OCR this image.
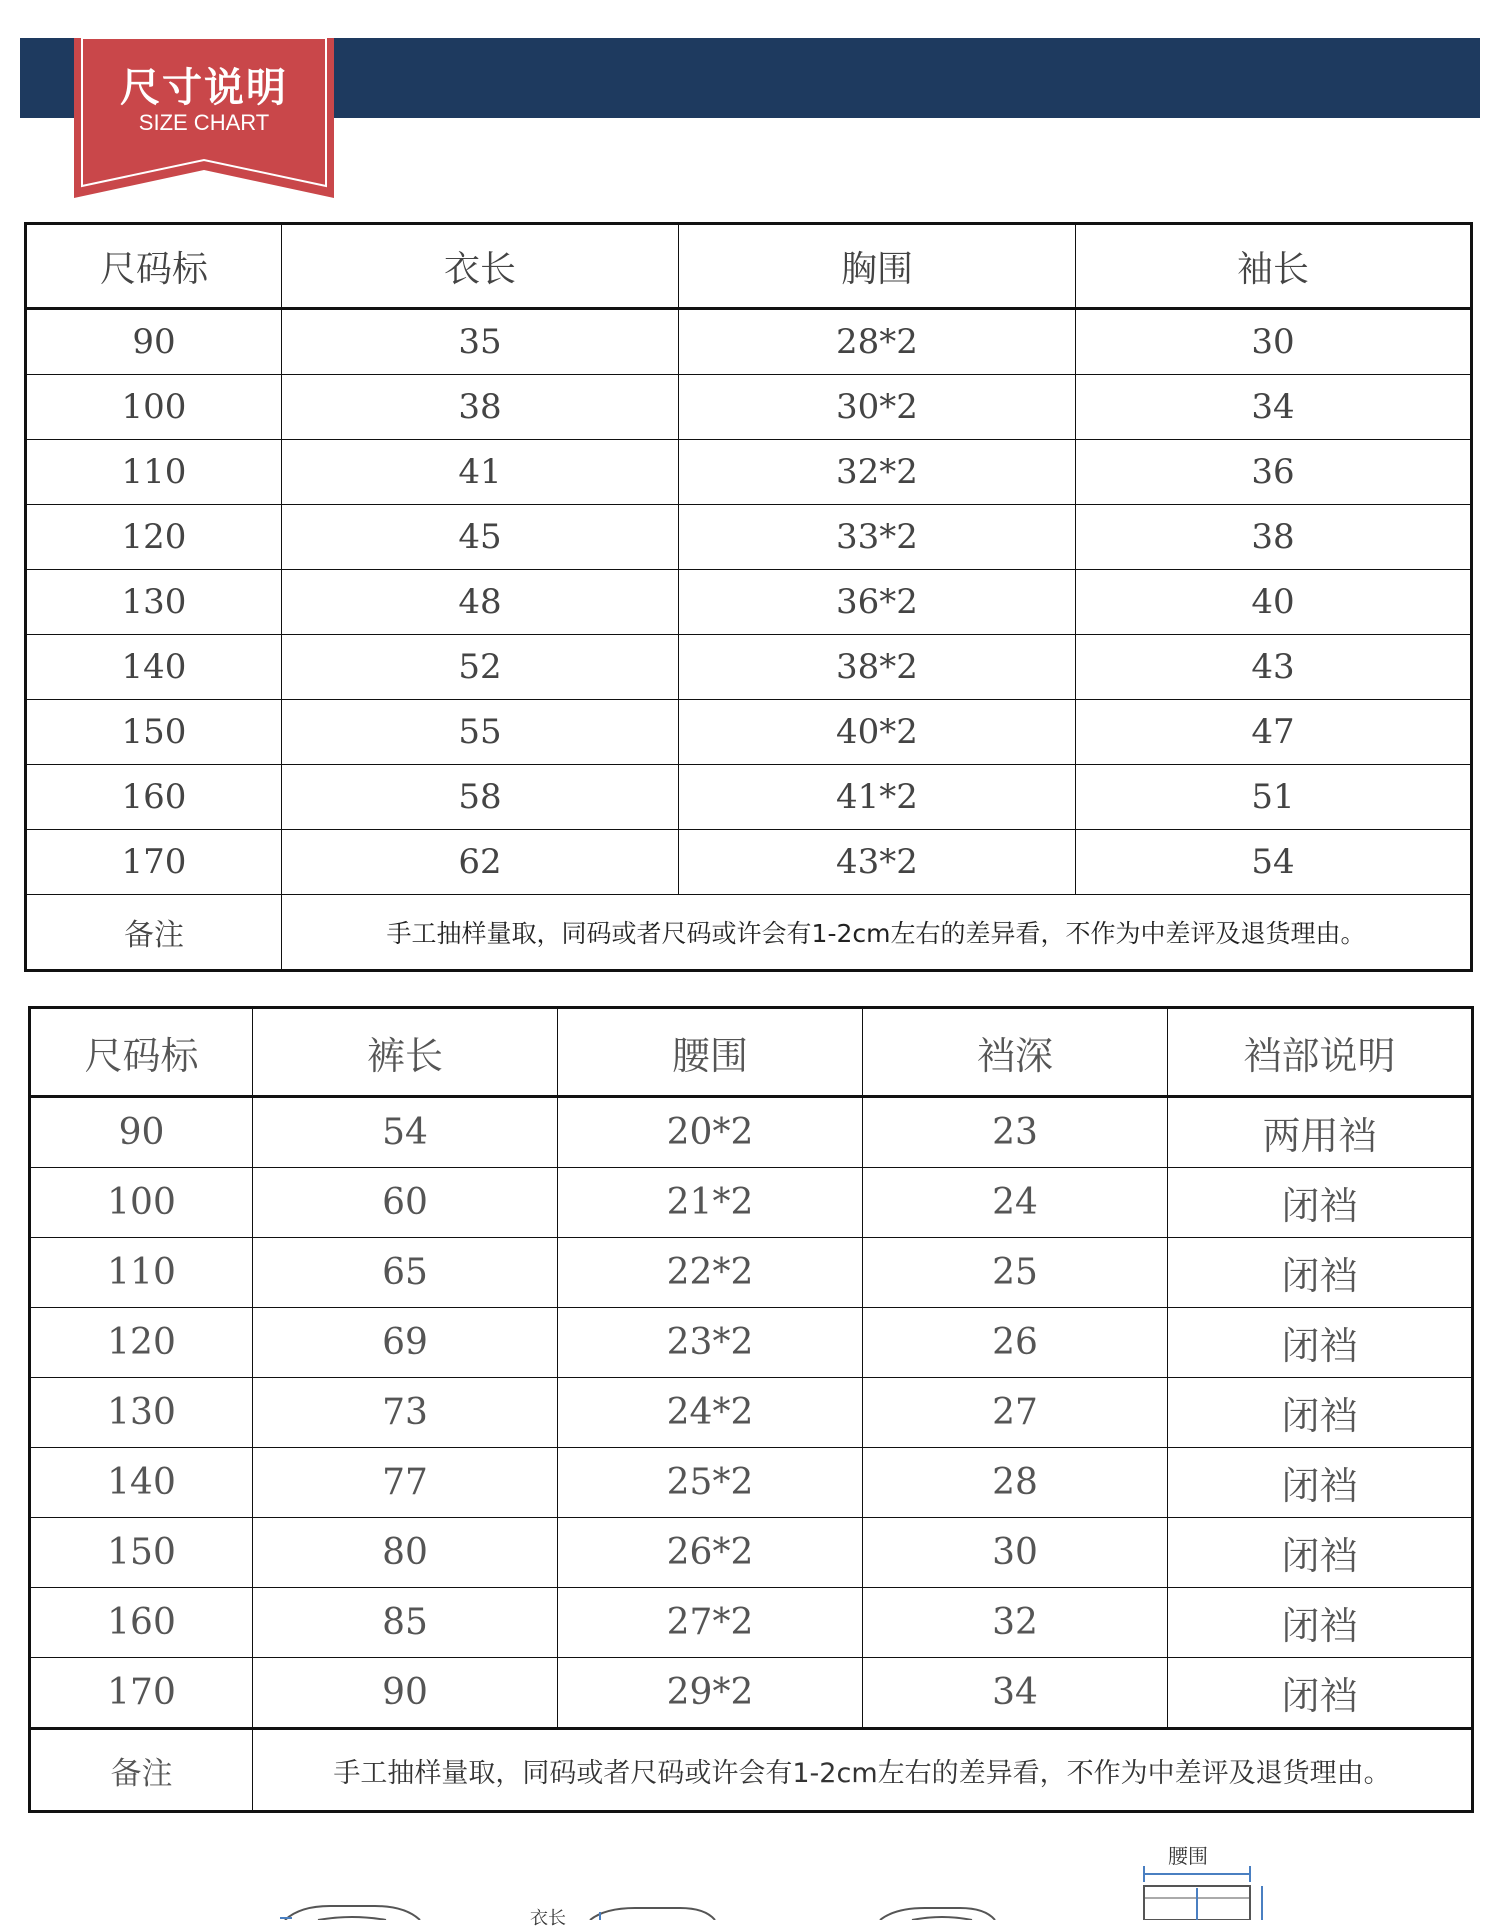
尺寸说明
SIZE CHART
尺码标	衣长	胸围	袖长
90	35	28*2	30
100	38	30*2	34
110	41	32*2	36
120	45	33*2	38
130	48	36*2	40
140	52	38*2	43
150	55	40*2	47
160	58	41*2	51
170	62	43*2	54
备注	手工抽样量取，同码或者尺码或许会有1-2cm左右的差异看，不作为中差评及退货理由。		
尺码标	裤长	腰围	裆深	裆部说明
90	54	20*2	23	两用裆
100	60	21*2	24	闭裆
110	65	22*2	25	闭裆
120	69	23*2	26	闭裆
130	73	24*2	27	闭裆
140	77	25*2	28	闭裆
150	80	26*2	30	闭裆
160	85	27*2	32	闭裆
170	90	29*2	34	闭裆
备注	手工抽样量取，同码或者尺码或许会有1-2cm左右的差异看，不作为中差评及退货理由。			
腰围
衣长
